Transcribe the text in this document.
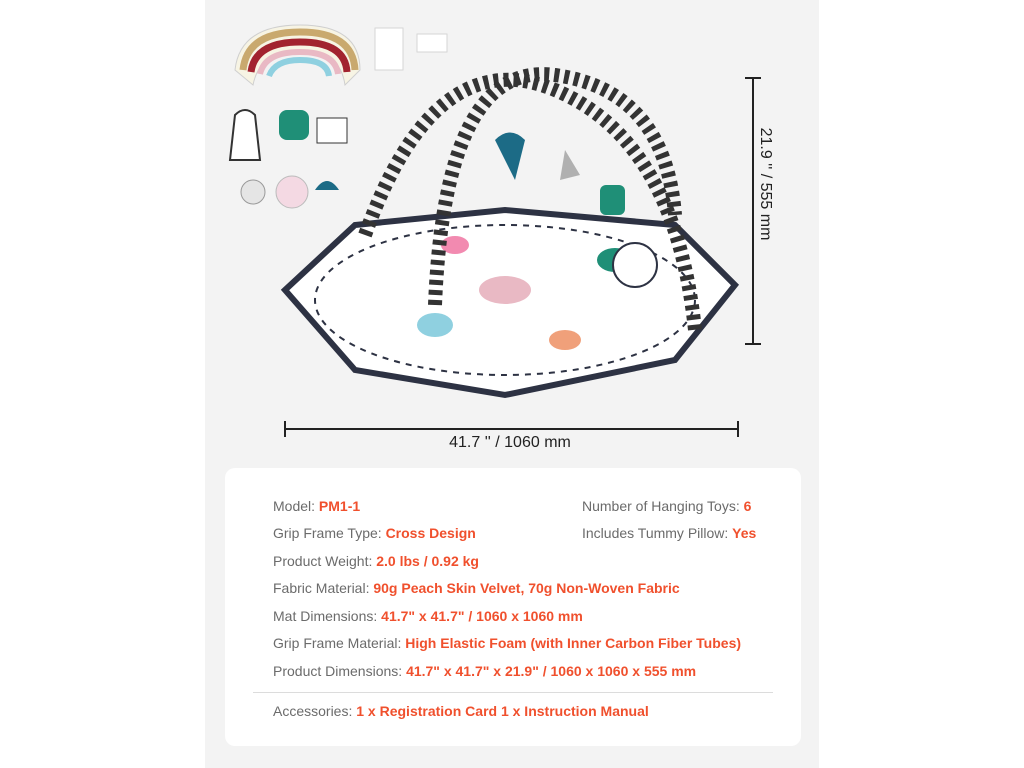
41.7 '' / 1060 mm
21.9 '' / 555 mm
Model: PM1-1	Number of Hanging Toys: 6
Grip Frame Type: Cross Design	Includes Tummy Pillow: Yes
Product Weight: 2.0 lbs / 0.92 kg
Fabric Material: 90g Peach Skin Velvet, 70g Non-Woven Fabric
Mat Dimensions: 41.7" x 41.7" / 1060 x 1060 mm
Grip Frame Material: High Elastic Foam (with Inner Carbon Fiber Tubes)
Product Dimensions: 41.7" x 41.7" x 21.9" / 1060 x 1060 x 555 mm
Accessories: 1 x Registration Card 1 x Instruction Manual
